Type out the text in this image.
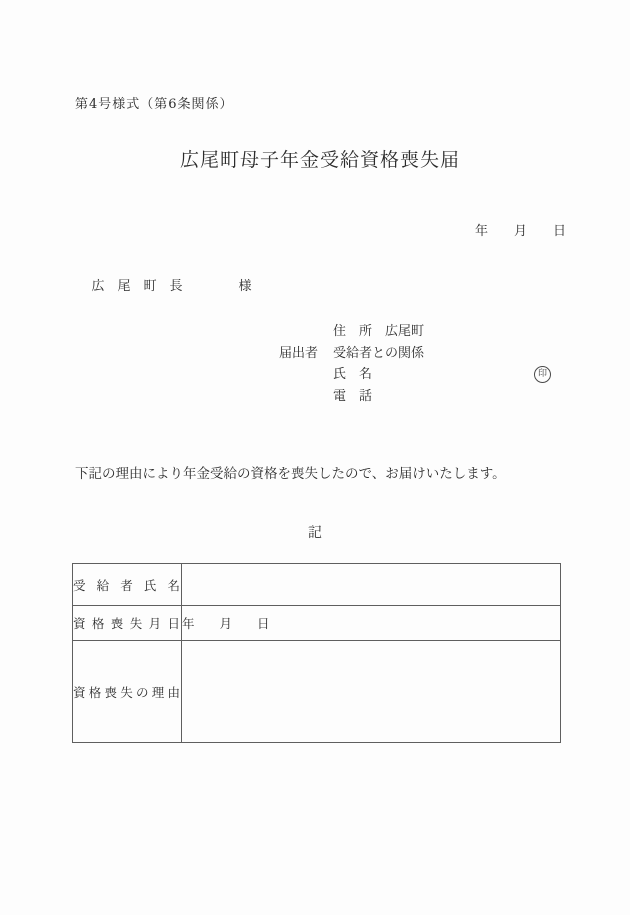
第4号様式（第6条関係）
広尾町母子年金受給資格喪失届
年　　月　　日

広　尾　町　長	様

届出者
住　所　広尾町
受給者との関係
氏　名	印
電　話
下記の理由により年金受給の資格を喪失したので、お届けいたします。
記
受給者氏名	
資格喪失月日	年　　月　　日
資格喪失の理由	
